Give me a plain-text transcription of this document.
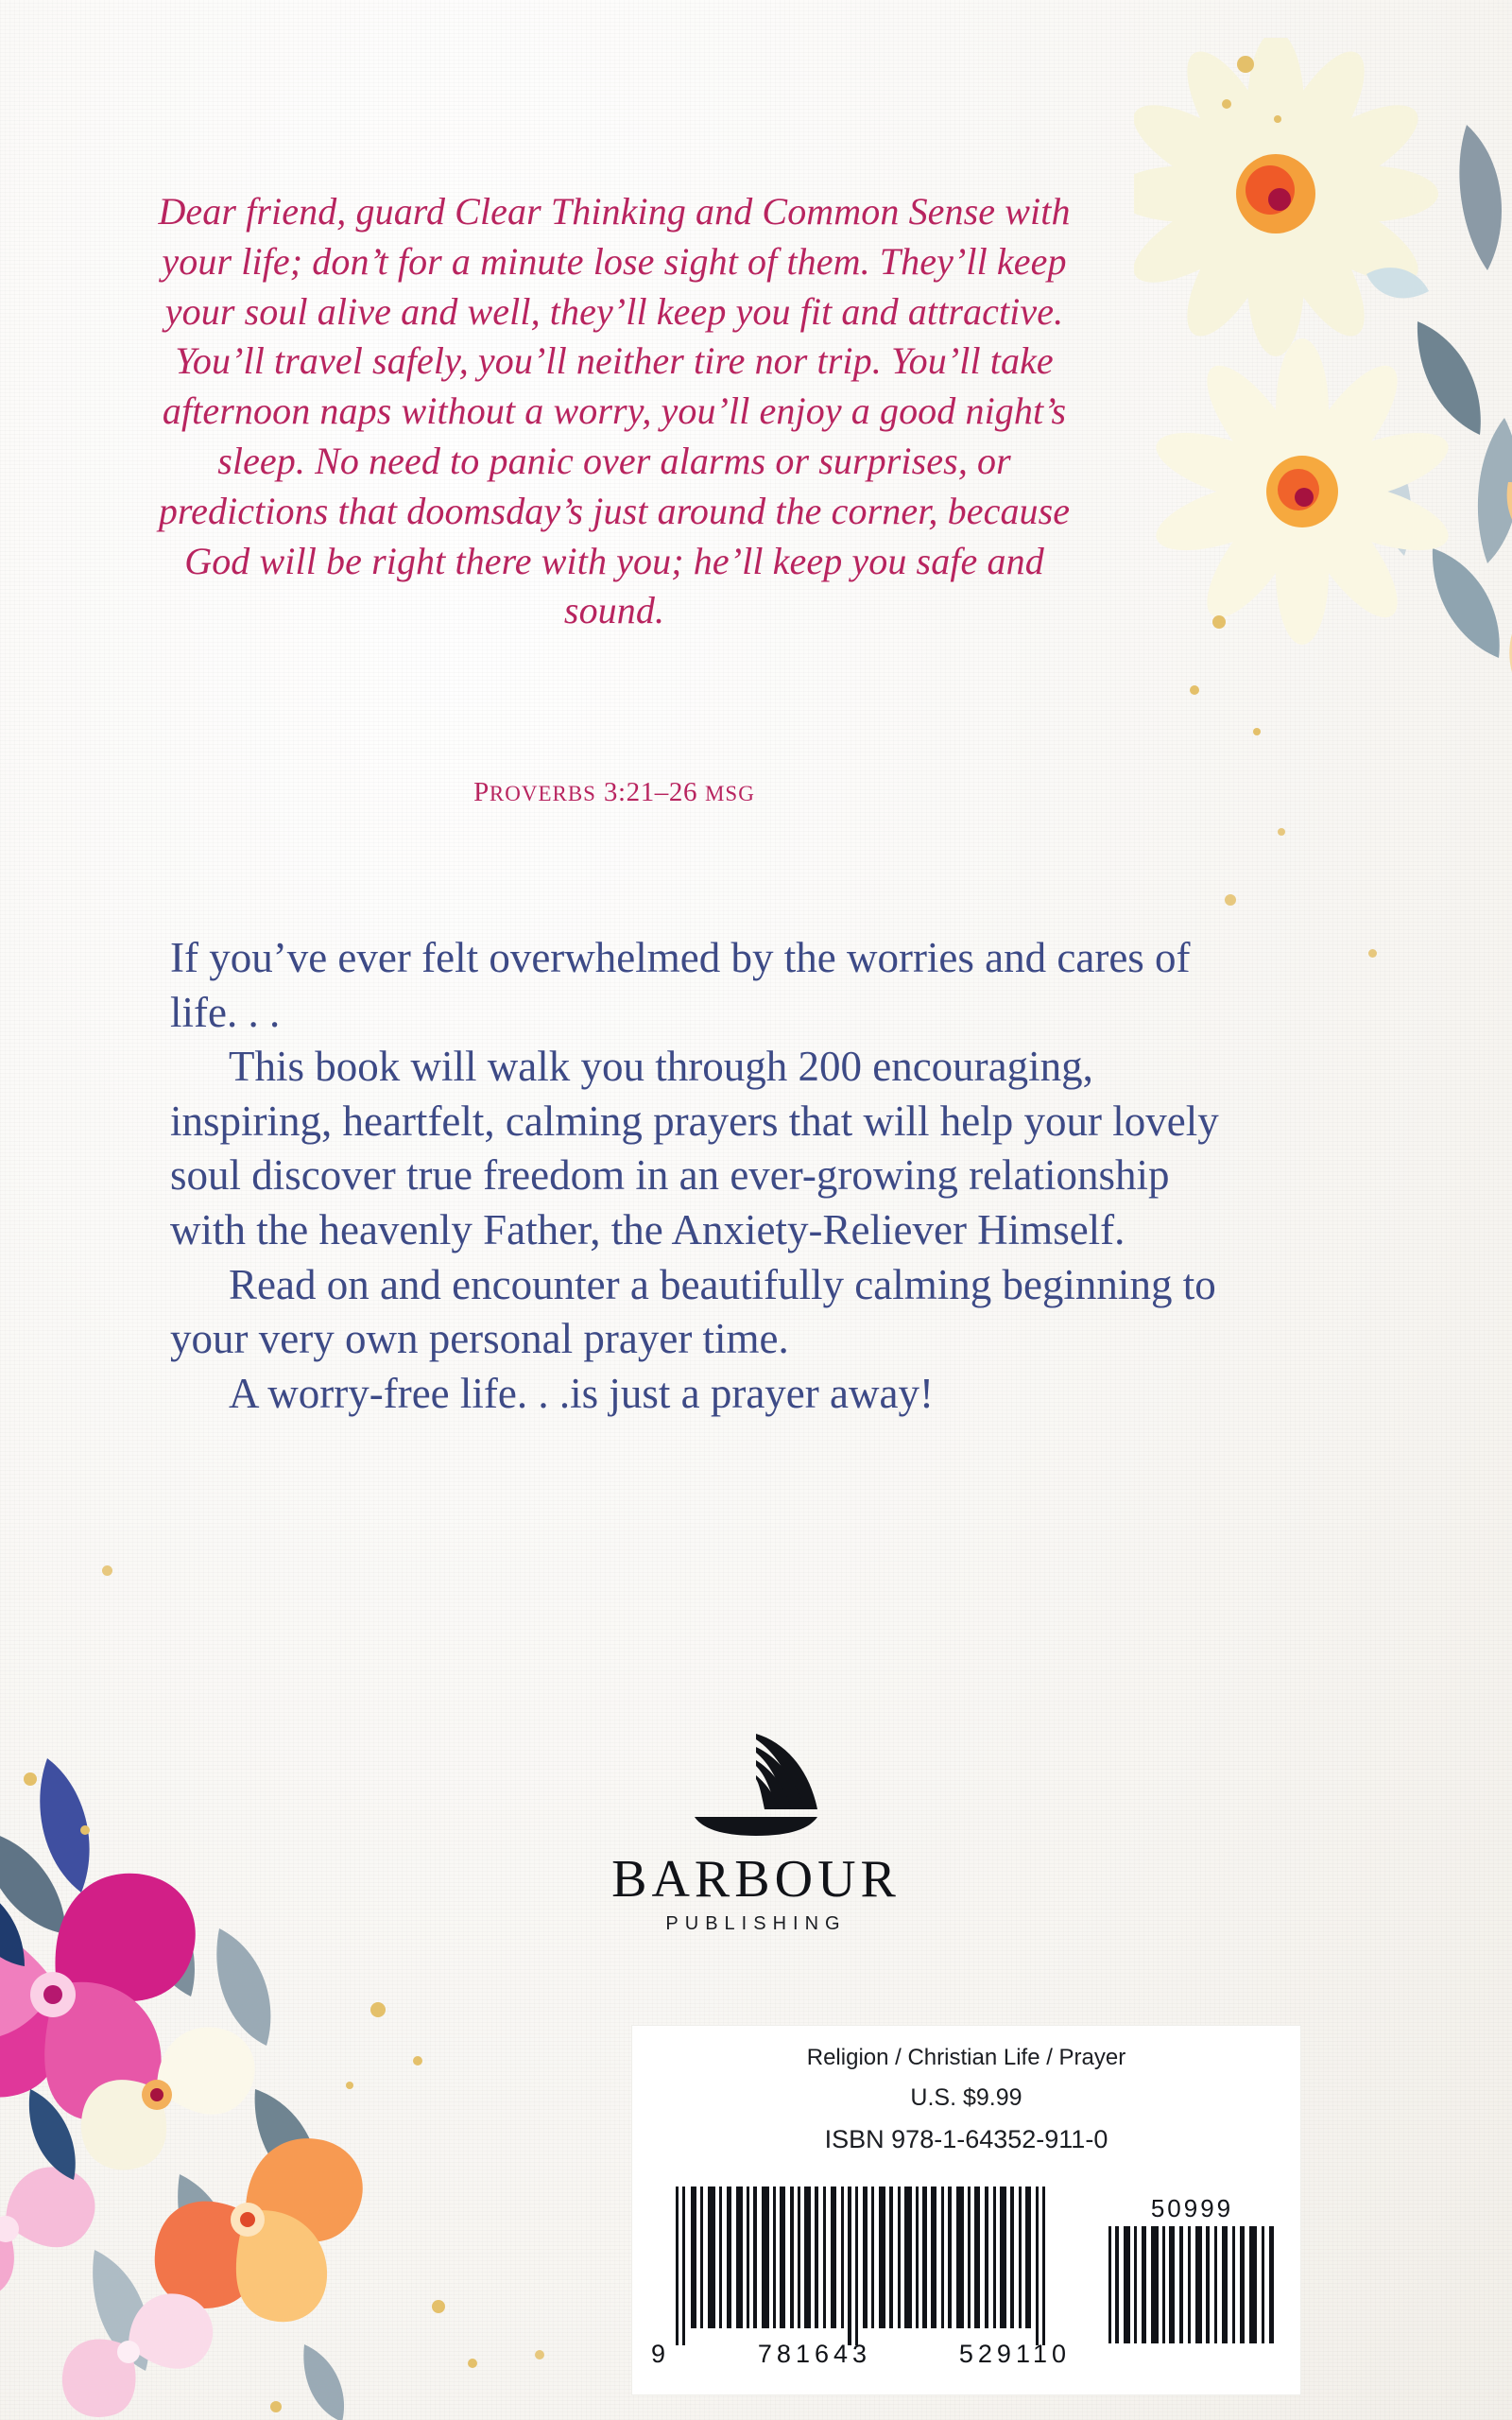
Dear friend, guard Clear Thinking and Common Sense with your life; don’t for a minute lose sight of them. They’ll keep your soul alive and well, they’ll keep you fit and attractive. You’ll travel safely, you’ll neither tire nor trip. You’ll take afternoon naps without a worry, you’ll enjoy a good night’s sleep. No need to panic over alarms or surprises, or predictions that doomsday’s just around the corner, because God will be right there with you; he’ll keep you safe and sound.
PROVERBS 3:21–26 MSG

If you’ve ever felt overwhelmed by the worries and cares of life. . .

This book will walk you through 200 encouraging, inspiring, heartfelt, calming prayers that will help your lovely soul discover true freedom in an ever-growing relationship with the heavenly Father, the Anxiety-Reliever Himself.

Read on and encounter a beautifully calming beginning to your very own personal prayer time.

A worry-free life. . .is just a prayer away!

BARBOUR
PUBLISHING
Religion / Christian Life / Prayer
U.S. $9.99
ISBN 978-1-64352-911-0
9	781643	529110
50999
